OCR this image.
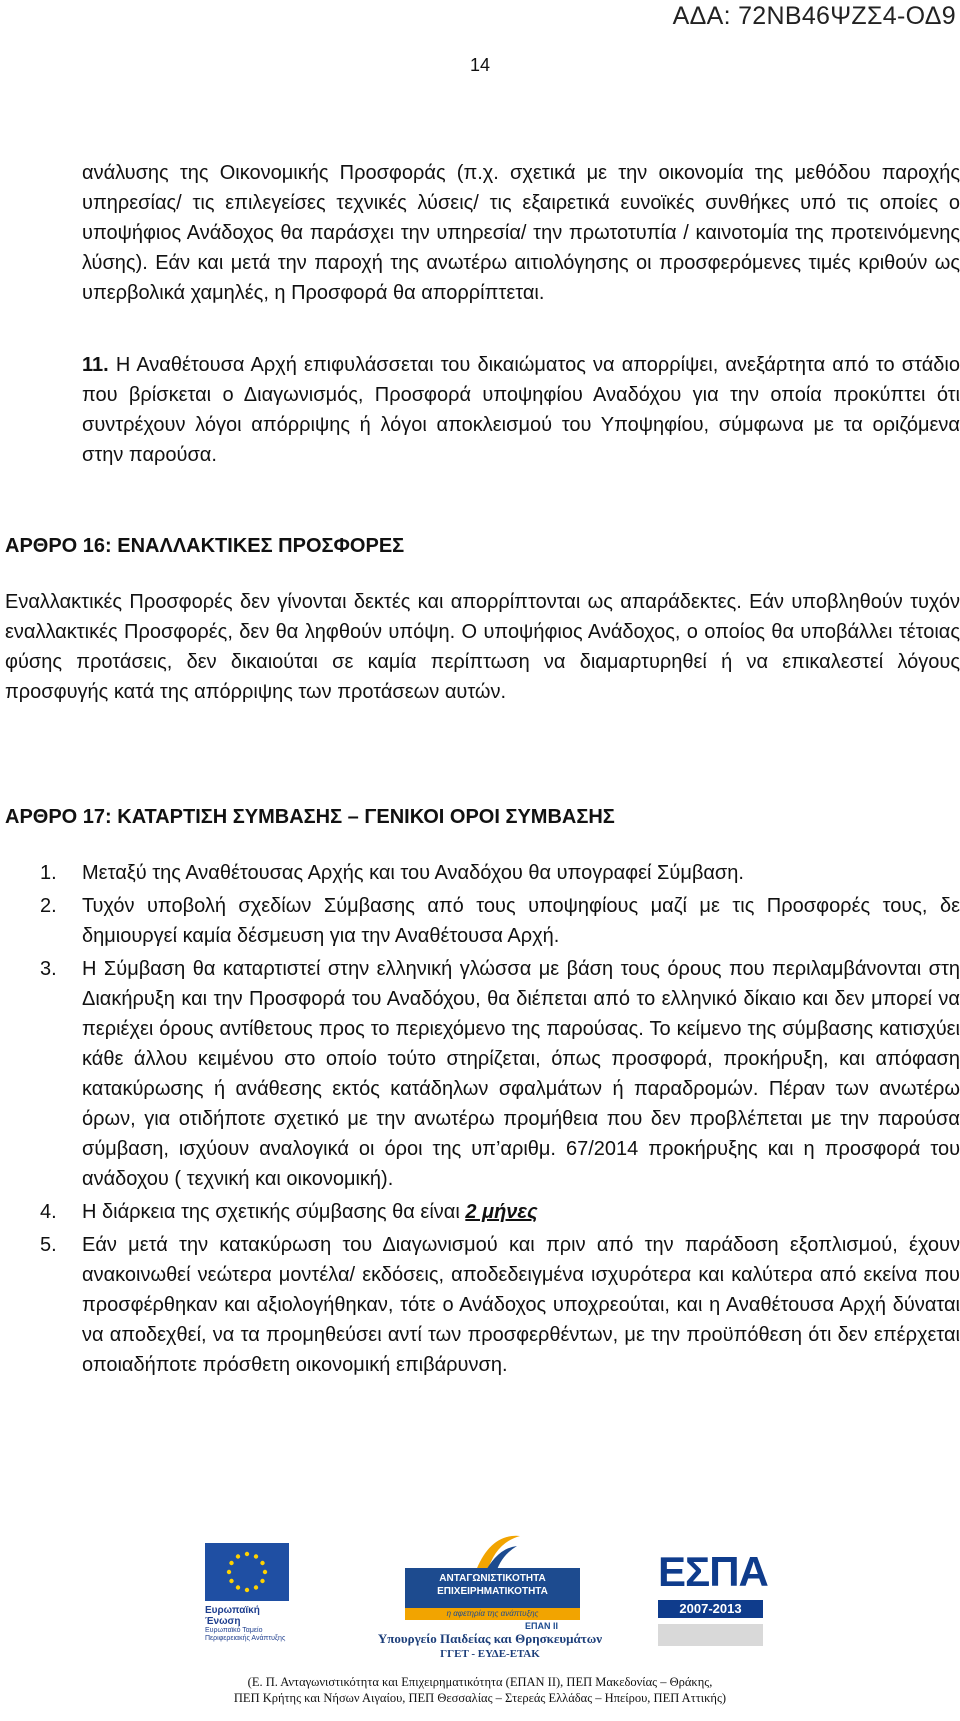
ΑΔΑ: 72ΝΒ46ΨΖΣ4-ΟΔ9
14

ανάλυσης της Οικονομικής Προσφοράς (π.χ. σχετικά με την οικονομία της μεθόδου παροχής υπηρεσίας/ τις επιλεγείσες τεχνικές λύσεις/ τις εξαιρετικά ευνοϊκές συνθήκες υπό τις οποίες ο υποψήφιος Ανάδοχος θα παράσχει την υπηρεσία/ την πρωτοτυπία / καινοτομία της προτεινόμενης λύσης). Εάν και μετά την παροχή της ανωτέρω αιτιολόγησης οι προσφερόμενες τιμές κριθούν ως υπερβολικά χαμηλές, η Προσφορά θα απορρίπτεται.

11. Η Αναθέτουσα Αρχή επιφυλάσσεται του δικαιώματος να απορρίψει, ανεξάρτητα από το στάδιο που βρίσκεται ο Διαγωνισμός, Προσφορά υποψηφίου Αναδόχου για την οποία προκύπτει ότι συντρέχουν λόγοι απόρριψης ή λόγοι αποκλεισμού του Υποψηφίου, σύμφωνα με τα οριζόμενα στην παρούσα.

ΑΡΘΡΟ 16: ΕΝΑΛΛΑΚΤΙΚΕΣ ΠΡΟΣΦΟΡΕΣ

Εναλλακτικές Προσφορές δεν γίνονται δεκτές και απορρίπτονται ως απαράδεκτες. Εάν υποβληθούν τυχόν εναλλακτικές Προσφορές, δεν θα ληφθούν υπόψη. Ο υποψήφιος Ανάδοχος, ο οποίος θα υποβάλλει τέτοιας φύσης προτάσεις, δεν δικαιούται σε καμία περίπτωση να διαμαρτυρηθεί ή να επικαλεστεί λόγους προσφυγής κατά της απόρριψης των προτάσεων αυτών.

ΑΡΘΡΟ 17: ΚΑΤΑΡΤΙΣΗ ΣΥΜΒΑΣΗΣ – ΓΕΝΙΚΟΙ ΟΡΟΙ ΣΥΜΒΑΣΗΣ
1. Μεταξύ της Αναθέτουσας Αρχής και του Αναδόχου θα υπογραφεί Σύμβαση.
2. Τυχόν υποβολή σχεδίων Σύμβασης από τους υποψηφίους μαζί με τις Προσφορές τους, δε δημιουργεί καμία δέσμευση για την Αναθέτουσα Αρχή.
3. Η Σύμβαση θα καταρτιστεί στην ελληνική γλώσσα με βάση τους όρους που περιλαμβάνονται στη Διακήρυξη και την Προσφορά του Αναδόχου, θα διέπεται από το ελληνικό δίκαιο και δεν μπορεί να περιέχει όρους αντίθετους προς το περιεχόμενο της παρούσας. Το κείμενο της σύμβασης κατισχύει κάθε άλλου κειμένου στο οποίο τούτο στηρίζεται, όπως προσφορά, προκήρυξη, και απόφαση κατακύρωσης ή ανάθεσης εκτός κατάδηλων σφαλμάτων ή παραδρομών. Πέραν των ανωτέρω όρων, για οτιδήποτε σχετικό με την ανωτέρω προμήθεια που δεν προβλέπεται με την παρούσα σύμβαση, ισχύουν αναλογικά οι όροι της υπ’αριθμ. 67/2014 προκήρυξης και η προσφορά του ανάδοχου ( τεχνική και οικονομική).
4. Η διάρκεια της σχετικής σύμβασης θα είναι 2 μήνες
5. Εάν μετά την κατακύρωση του Διαγωνισμού και πριν από την παράδοση εξοπλισμού, έχουν ανακοινωθεί νεώτερα μοντέλα/ εκδόσεις, αποδεδειγμένα ισχυρότερα και καλύτερα από εκείνα που προσφέρθηκαν και αξιολογήθηκαν, τότε ο Ανάδοχος υποχρεούται, και η Αναθέτουσα Αρχή δύναται να αποδεχθεί, να τα προμηθεύσει αντί των προσφερθέντων, με την προϋπόθεση ότι δεν επέρχεται οποιαδήποτε πρόσθετη οικονομική επιβάρυνση.
Ευρωπαϊκή Ένωση
Ευρωπαϊκό Ταμείο
Περιφερειακής Ανάπτυξης
ΑΝΤΑΓΩΝΙΣΤΙΚΟΤΗΤΑ
ΕΠΙΧΕΙΡΗΜΑΤΙΚΟΤΗΤΑ
η αφετηρία της ανάπτυξης
ΕΠΑΝ ΙΙ
Υπουργείο Παιδείας και Θρησκευμάτων
ΓΓΕΤ - ΕΥΔΕ-ΕΤΑΚ
ΕΣΠΑ
2007-2013
(Ε. Π. Ανταγωνιστικότητα και Επιχειρηματικότητα (ΕΠΑΝ ΙΙ), ΠΕΠ Μακεδονίας – Θράκης,
ΠΕΠ Κρήτης και Νήσων Αιγαίου, ΠΕΠ Θεσσαλίας – Στερεάς Ελλάδας – Ηπείρου, ΠΕΠ Αττικής)
